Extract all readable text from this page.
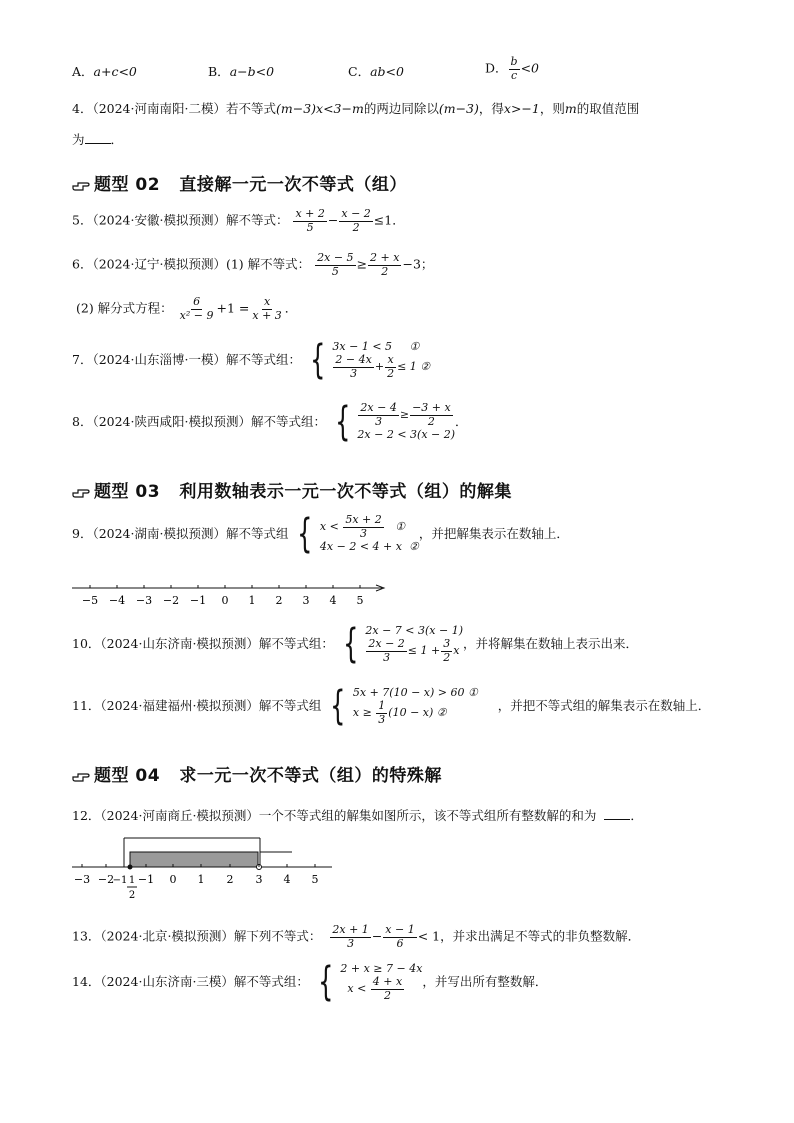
A．a+c<0	B．a−b<0	C．ab<0	D． $\frac{b}{c} <0$
4．（2024·河南南阳·二模）若不等式(m−3)x<3−m的两边同除以(m−3)，得x>−1，则m的取值范围
为 ．
题型 02 直接解一元一次不等式（组）
5．（2024·安徽·模拟预测）解不等式： $\frac{x + 2}{5} - \frac{x - 2}{2} \le 1$．
6．（2024·辽宁·模拟预测）(1) 解不等式： $\frac{2x - 5}{5} \ge \frac{2 + x}{2} -3$；
(2) 解分式方程： $\frac{6}{\text{x² − 9}} +1 = \frac{x}{x + 3}$ ．
7．（2024·山东淄博·一模）解不等式组： { 3x − 1 < 5 ①
$\frac{2 - 4x}{3} + \frac{x}{2} \le 1$ ②
8．（2024·陕西咸阳·模拟预测）解不等式组： { $\frac{2x - 4}{3} \ge \frac{-3 + x}{2}$
2x − 2 < 3(x − 2)
．
题型 03 利用数轴表示一元一次不等式（组）的解集
9．（2024·湖南·模拟预测）解不等式组 { $x < \frac{5x + 2}{3}$ ①
4x − 2 < 4 + x ②
，并把解集表示在数轴上．
−5 −4 −3 −2 −1 0 1 2 3 4 5
10．（2024·山东济南·模拟预测）解不等式组： { 2x − 7 < 3(x − 1)
$\frac{2x - 2}{3} \le 1 + \frac{3}{2}$ x
，并将解集在数轴上表示出来．
11．（2024·福建福州·模拟预测）解不等式组 { 5x + 7(10 − x) > 60 ①
$x \ge \frac{1}{3} (10 - x)$ ②
，并把不等式组的解集表示在数轴上．
题型 04 求一元一次不等式（组）的特殊解
12．（2024·河南商丘·模拟预测）一个不等式组的解集如图所示，该不等式组所有整数解的和为	．
−3 −2
−1 1 −1 0 1 2 3 4 5
2
13．（2024·北京·模拟预测）解下列不等式： $\frac{2x + 1}{3} - \frac{x - 1}{6} < 1$，并求出满足不等式的非负整数解．
14．（2024·山东济南·三模）解不等式组： { 2 + x ≥ 7 − 4x
$x < \frac{4 + x}{2}$ ，并写出所有整数解．
